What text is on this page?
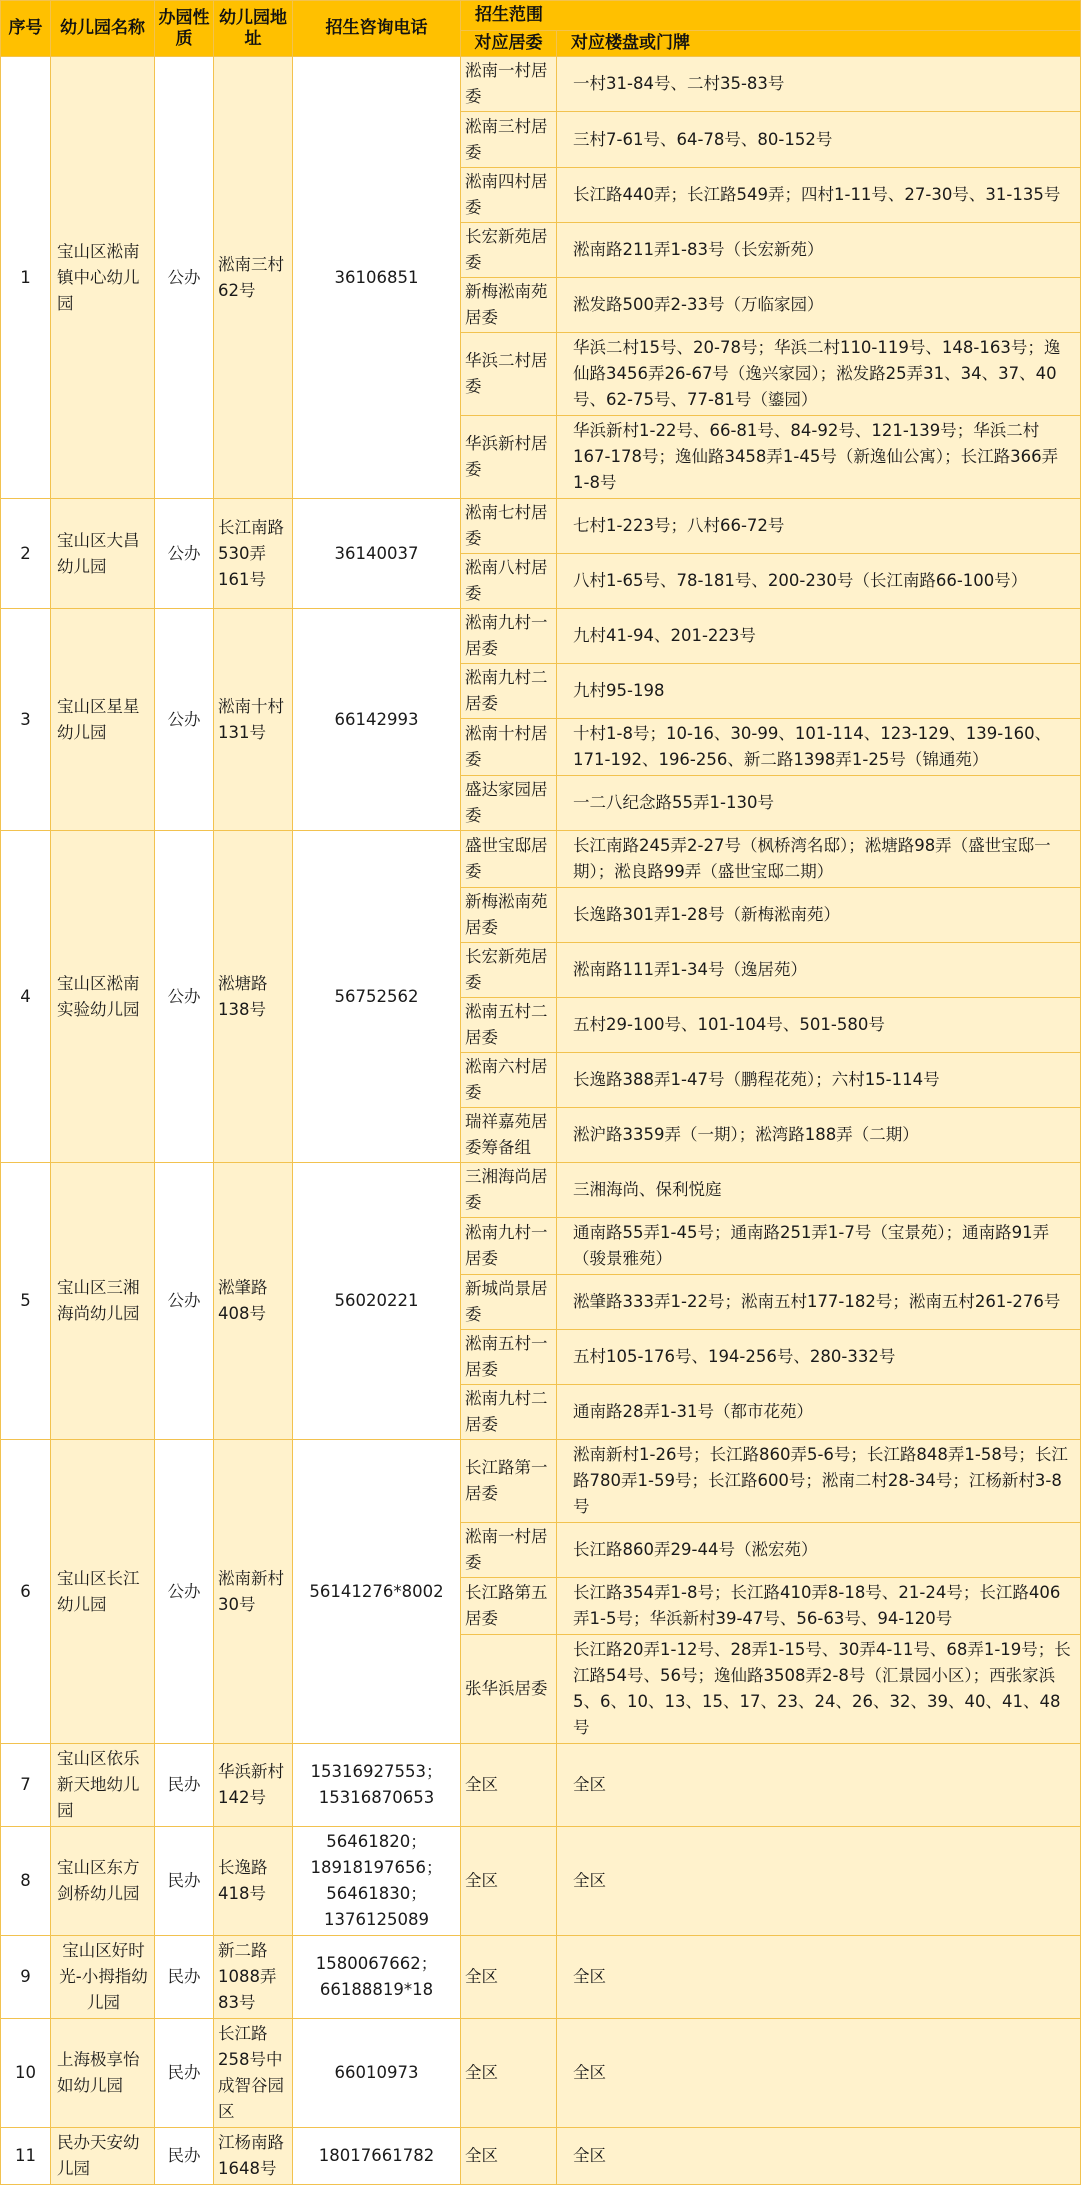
序号	幼儿园名称	办园性质	幼儿园地址	招生咨询电话	招生范围	
					对应居委	对应楼盘或门牌
1	宝山区淞南镇中心幼儿园	公办	淞南三村62号	36106851	淞南一村居委	一村31-84号、二村35-83号
					淞南三村居委	三村7-61号、64-78号、80-152号
					淞南四村居委	长江路440弄；长江路549弄；四村1-11号、27-30号、31-135号
					长宏新苑居委	淞南路211弄1-83号（长宏新苑）
					新梅淞南苑居委	淞发路500弄2-33号（万临家园）
					华浜二村居委	华浜二村15号、20-78号；华浜二村110-119号、148-163号；逸仙路3456弄26-67号（逸兴家园）；淞发路25弄31、34、37、40号、62-75号、77-81号（鎏园）
					华浜新村居委	华浜新村1-22号、66-81号、84-92号、121-139号；华浜二村167-178号；逸仙路3458弄1-45号（新逸仙公寓）；长江路366弄1-8号
2	宝山区大昌幼儿园	公办	长江南路530弄161号	36140037	淞南七村居委	七村1-223号；八村66-72号
					淞南八村居委	八村1-65号、78-181号、200-230号（长江南路66-100号）
3	宝山区星星幼儿园	公办	淞南十村131号	66142993	淞南九村一居委	九村41-94、201-223号
					淞南九村二居委	九村95-198
					淞南十村居委	十村1-8号；10-16、30-99、101-114、123-129、139-160、171-192、196-256、新二路1398弄1-25号（锦通苑）
					盛达家园居委	一二八纪念路55弄1-130号
4	宝山区淞南实验幼儿园	公办	淞塘路138号	56752562	盛世宝邸居委	长江南路245弄2-27号（枫桥湾名邸）；淞塘路98弄（盛世宝邸一期）；淞良路99弄（盛世宝邸二期）
					新梅淞南苑居委	长逸路301弄1-28号（新梅淞南苑）
					长宏新苑居委	淞南路111弄1-34号（逸居苑）
					淞南五村二居委	五村29-100号、101-104号、501-580号
					淞南六村居委	长逸路388弄1-47号（鹏程花苑）；六村15-114号
					瑞祥嘉苑居委筹备组	淞沪路3359弄（一期）；淞湾路188弄（二期）
5	宝山区三湘海尚幼儿园	公办	淞肇路408号	56020221	三湘海尚居委	三湘海尚、保利悦庭
					淞南九村一居委	通南路55弄1-45号；通南路251弄1-7号（宝景苑）；通南路91弄（骏景雅苑）
					新城尚景居委	淞肇路333弄1-22号；淞南五村177-182号；淞南五村261-276号
					淞南五村一居委	五村105-176号、194-256号、280-332号
					淞南九村二居委	通南路28弄1-31号（都市花苑）
6	宝山区长江幼儿园	公办	淞南新村30号	56141276*8002	长江路第一居委	淞南新村1-26号；长江路860弄5-6号；长江路848弄1-58号；长江路780弄1-59号；长江路600号；淞南二村28-34号；江杨新村3-8号
					淞南一村居委	长江路860弄29-44号（淞宏苑）
					长江路第五居委	长江路354弄1-8号；长江路410弄8-18号、21-24号；长江路406弄1-5号；华浜新村39-47号、56-63号、94-120号
					张华浜居委	长江路20弄1-12号、28弄1-15号、30弄4-11号、68弄1-19号；长江路54号、56号；逸仙路3508弄2-8号（汇景园小区）；西张家浜5、6、10、13、15、17、23、24、26、32、39、40、41、48号
7	宝山区依乐新天地幼儿园	民办	华浜新村142号	15316927553；15316870653	全区	全区
8	宝山区东方剑桥幼儿园	民办	长逸路418号	56461820；18918197656；56461830；1376125089	全区	全区
9	宝山区好时光-小拇指幼儿园	民办	新二路1088弄83号	1580067662；66188819*18	全区	全区
10	上海极享怡如幼儿园	民办	长江路258号中成智谷园区	66010973	全区	全区
11	民办天安幼儿园	民办	江杨南路1648号	18017661782	全区	全区
